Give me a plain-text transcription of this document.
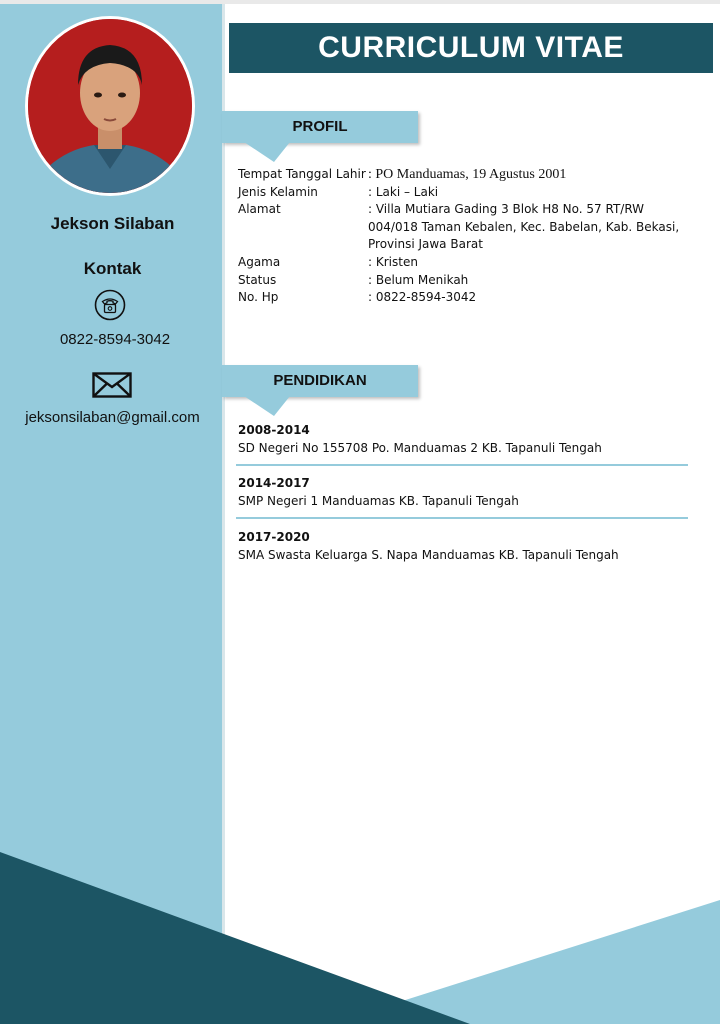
Jekson Silaban
Kontak
0822-8594-3042
jeksonsilaban@gmail.com
CURRICULUM VITAE
PROFIL
Tempat Tanggal Lahir : PO Manduamas, 19 Agustus 2001
Jenis Kelamin	: Laki – Laki
Alamat	: Villa Mutiara Gading 3 Blok H8 No. 57 RT/RW 004/018 Taman Kebalen, Kec. Babelan, Kab. Bekasi, Provinsi Jawa Barat
Agama	: Kristen
Status	: Belum Menikah
No. Hp	: 0822-8594-3042
PENDIDIKAN
2008-2014
SD Negeri No 155708 Po. Manduamas 2 KB. Tapanuli Tengah
2014-2017
SMP Negeri 1 Manduamas KB. Tapanuli Tengah
2017-2020
SMA Swasta Keluarga S. Napa Manduamas KB. Tapanuli Tengah
